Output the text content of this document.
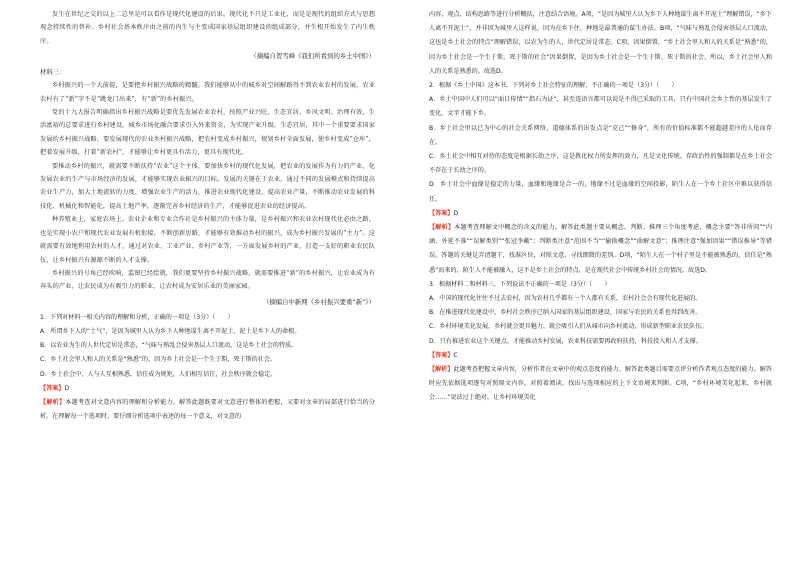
发生在世纪之交的以上二总里是可以看作是现代化建设的后果。现代化不只是工业化，而是是现代的组织方式与思想观念持续性的替补。乡村社会基本秩序由之前的内生与主变成国家基层组织建设的组成部分，并生根开始发生了内生秩序。

（摘编自贺雪峰《我们所看到的乡土中国》）

材料三：

乡村振兴的一个大前提，是要把乡村振兴战略的精髓。我们能够从中的城乡对空间解路得不到农业农村的发展，农业农村有了“新”字不是“跳龙门出来”，有“新”的乡村振兴。

党的十九大报告明确指出乡村振兴战略是要优先发展农业农村，按照产业兴旺、生态宜居、乡风文明、治理有效、生活富裕的总要求进行乡村建设。城乡市场化融合要求引入外来资金，为实现产业升级、生态宜居，其中一个重要要求国家发展的乡村振兴战略，要发展现代的农业乡村振兴战略，把农村变成乡村振兴，规划乡村全面发展，使乡村变成“仓库”，把着发展升级，打着“新农村”，才能够让乡村更具有活力，更具有现代化。

要推动乡村的振兴，就需要不断扶持“农业”这个主体，要加快乡村的现代化发展，把农业的发展作为有力的产业，化发展农业的生产与市场经济的发展，才能够实现农业振兴的目标。发展的关键在于农业，通过不同的发展模式和持续提高农业生产力，加大土地流转的力度，增强农业生产的活力，推进农业现代化建设，提高农业产量，不断推动农业发展的科技化、机械化和智能化，提高土地产率，逐渐完善乡村经济的生产，才能够促进农业的经济提高。

种养殖业上，家庭农场上。农业企业和专业合作社是乡村振兴的主体力量，是乡村振兴和农业农村现代化必由之路，也是实现小农户和现代农业发展有机衔接，不断创新思路，才能够有效推动乡村的振兴，成为乡村振兴发展的“主力”。这就需要有效地利用农村的人才，通过对农业、工业产业、乡村产业等，一方面发展乡村的产业，打造一支好的职业农民队伍，让乡村振兴有源源不断的人才支撑。

乡村振兴的号角已经吹响，监图已经绘就，我们更要坚持乡村振兴战略，就需要推进“新”的乡村振兴，让农业成为有奔头的产业，让农民成为有吸引力的职业，让农村成为安居乐业的美丽家园。

（摘编自中新网《乡村振兴要重“新”》）

1．下列对材料一相关内容的理解和分析，正确的一项是（3分）（　　）

A．所谓乡下人的“土气”，是因为城里人认为乡下人种地谋生离不开泥土，泥土是乡下人的命根。

B．以农业为生的人世代定居是常态，“气味与熟乱会侵害基层人口流动，这是乡土社会的特质。

C．乡土社会里人和人的关系是“熟悉”的，因为乡土社会是一个生于斯、死于斯的社会。

D．乡土社会中，人与人互相熟悉，信任成为规矩，人们相互信任，社会秩序就会稳定。

【答案】D

【解析】本题考查对文意内容的理解和分析能力。解答此题既要对文意进行整体的把握，又要对文章的局部进行恰当的分析。在理解每一个选项时，要仔细分析选项中表述的每一个意义，对文意的

内容、观点、结构思路等进行分析概括，注意结合语境。A项，“是因为城里人认为乡下人种地谋生离不开泥土”理解错误，“乡下人离不开泥土”，并非因为城里人这样说，因为在乡下住，种地是最普通的谋生办法。B项，“气味与熟乱会侵害基层人口流动，这也是乡土社会的特点”理解错误，以农为生的人，世代定居是常态。C项，因果倒置，“乡土社会里人和人的关系是“熟悉”的，因为乡土社会是一个生于斯、死于斯的社会”因果倒置，是因为乡土社会是一个生于斯、死于斯的社会，所以，乡土社会里人和人的关系是熟悉的。故选D。

2．根据《乡土中国》这本书，下列对乡土社会特征的理解，不正确的一项是（3分）（　　）

A．乡土中国中人们可以“面目传情”“指石为证”，甚至连语言都可以说是不得已采取的工具，只有中国社会乡土性的基层发生了变化，文字才能下乡。

B．乡土社会里以已为中心的社会关系网络，道德体系的出发点是“克己”“修身”，所有的价值标准都不能超越差序的人伦而存在。

C．乡土社会中相互对待的态度是根据长幼之序，这是教化权力所发挥的效力，凡是文化传统、存政治性的强制都是在乡土社会不存在于长幼之序的。

D．乡土社会中血缘是稳定的力量，血缘和地缘是合一的，地缘不过是血缘的空间投影，陌生人在一个乡土社区中难以获得信任。

【答案】D

【解析】本题考查理解文中概念的含义的能力。解答此类题主要从概念、判断、推理三个角度考虑，概念主要“答非所问”“内涵、外延不准”“误解类别”“张冠李戴”；判断类注意“范围不当”“偷换概念”“曲解文意”；推理注意“强加因果”“错误推导”等错误。答题的关键是弄清题干，找准区位，对照文意，寻找细微的差别。D项，“陌生人在一个村子里是不能被熟悉的，信任是“熟悉”而来的，陌生人不能被融入，这不是乡土社会的特点，是在现代社会中传统乡村社会的情况。故选D。

3．根据材料二和材料三，下列说法不正确的一项是（3分）（　　）

A．中国的现代化往往不过去农村，因为农村几乎都有一个人都有关系，农村社会会有现代化进展的。

B．在推进现代化建设中，乡村社会秩序已纳入国家的基层组织建设，国家与农民的关系也得到改善。

C．乡村环境美化发展，乡村就会更具魅力，就会吸引人们从城市向乡村流动，形成新型职业农民队伍。

D．只有推进农业这个关键点，才能推动乡村发展，农业科技需要再政府扶持，科技投入和人才支撑。

【答案】C

【解析】此题考查把握文章内容，分析作者在文章中的观点态度的能力。解答此类题目需要点评分析作者观点态度的能力。解答时应先依据选项逐句对照原文内容，对照着阅读，找出与选项相应的上下文语境来判断。C项，“乡村环境美化起来，乡村就会……”说法过于绝对，让乡村环境美化
